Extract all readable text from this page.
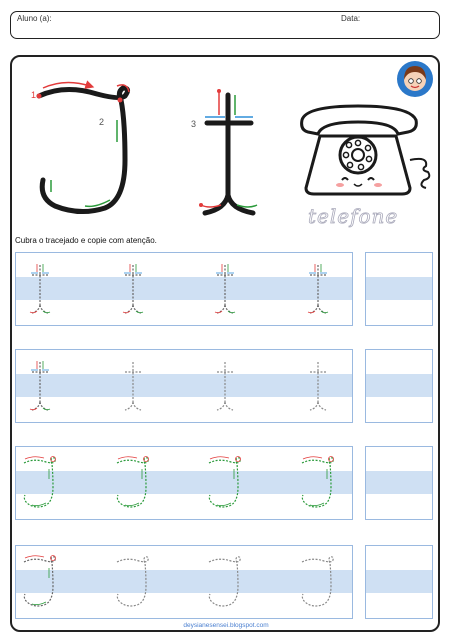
Aluno (a):	Data:
1
2	3
telefone
Cubra o tracejado e copie com atenção.
deysianesensei.blogspot.com
